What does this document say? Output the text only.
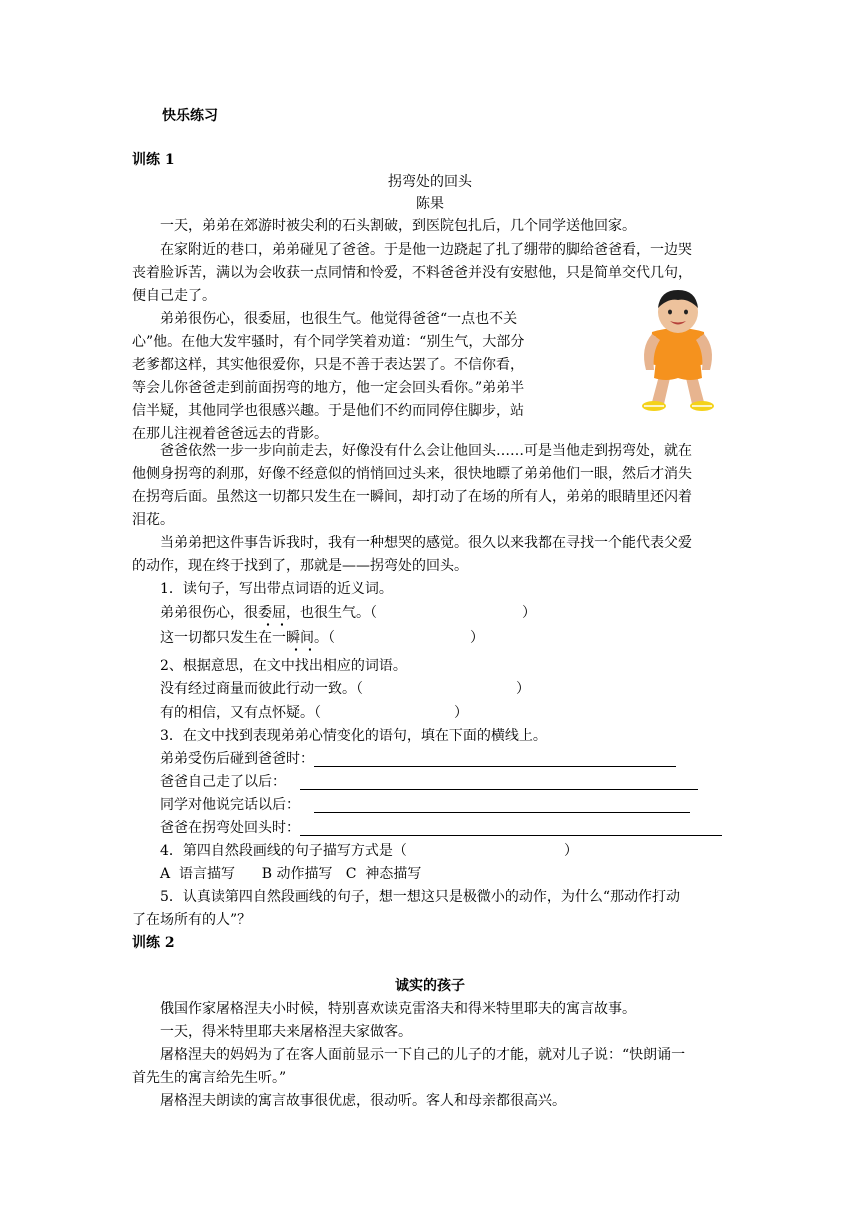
快乐练习
训练 1
拐弯处的回头
陈果
一天，弟弟在郊游时被尖利的石头割破，到医院包扎后，几个同学送他回家。
在家附近的巷口，弟弟碰见了爸爸。于是他一边跷起了扎了绷带的脚给爸爸看，一边哭
丧着脸诉苦，满以为会收获一点同情和怜爱，不料爸爸并没有安慰他，只是简单交代几句，
便自己走了。
弟弟很伤心，很委屈，也很生气。他觉得爸爸“一点也不关
心”他。在他大发牢骚时，有个同学笑着劝道：“别生气，大部分
老爹都这样，其实他很爱你，只是不善于表达罢了。不信你看，
等会儿你爸爸走到前面拐弯的地方，他一定会回头看你。”弟弟半
信半疑，其他同学也很感兴趣。于是他们不约而同停住脚步，站
在那儿注视着爸爸远去的背影。
爸爸依然一步一步向前走去，好像没有什么会让他回头……可是当他走到拐弯处，就在
他侧身拐弯的刹那，好像不经意似的悄悄回过头来，很快地瞟了弟弟他们一眼，然后才消失
在拐弯后面。虽然这一切都只发生在一瞬间，却打动了在场的所有人，弟弟的眼睛里还闪着
泪花。
当弟弟把这件事告诉我时，我有一种想哭的感觉。很久以来我都在寻找一个能代表父爱
的动作，现在终于找到了，那就是——拐弯处的回头。
1．读句子，写出带点词语的近义词。
弟弟很伤心，很委屈，也很生气。（	）
这一切都只发生在一瞬间。（	）
2、根据意思，在文中找出相应的词语。
没有经过商量而彼此行动一致。（	）
有的相信，又有点怀疑。（	）
3．在文中找到表现弟弟心情变化的语句，填在下面的横线上。
弟弟受伤后碰到爸爸时：
爸爸自己走了以后：
同学对他说完话以后：
爸爸在拐弯处回头时：
4．第四自然段画线的句子描写方式是（	）
A  语言描写      B 动作描写   C  神态描写
5．认真读第四自然段画线的句子，想一想这只是极微小的动作，为什么“那动作打动
了在场所有的人”？
训练 2
诚实的孩子
俄国作家屠格涅夫小时候，特别喜欢读克雷洛夫和得米特里耶夫的寓言故事。
一天，得米特里耶夫来屠格涅夫家做客。
屠格涅夫的妈妈为了在客人面前显示一下自己的儿子的才能，就对儿子说：“快朗诵一
首先生的寓言给先生听。”
屠格涅夫朗读的寓言故事很优虑，很动听。客人和母亲都很高兴。
